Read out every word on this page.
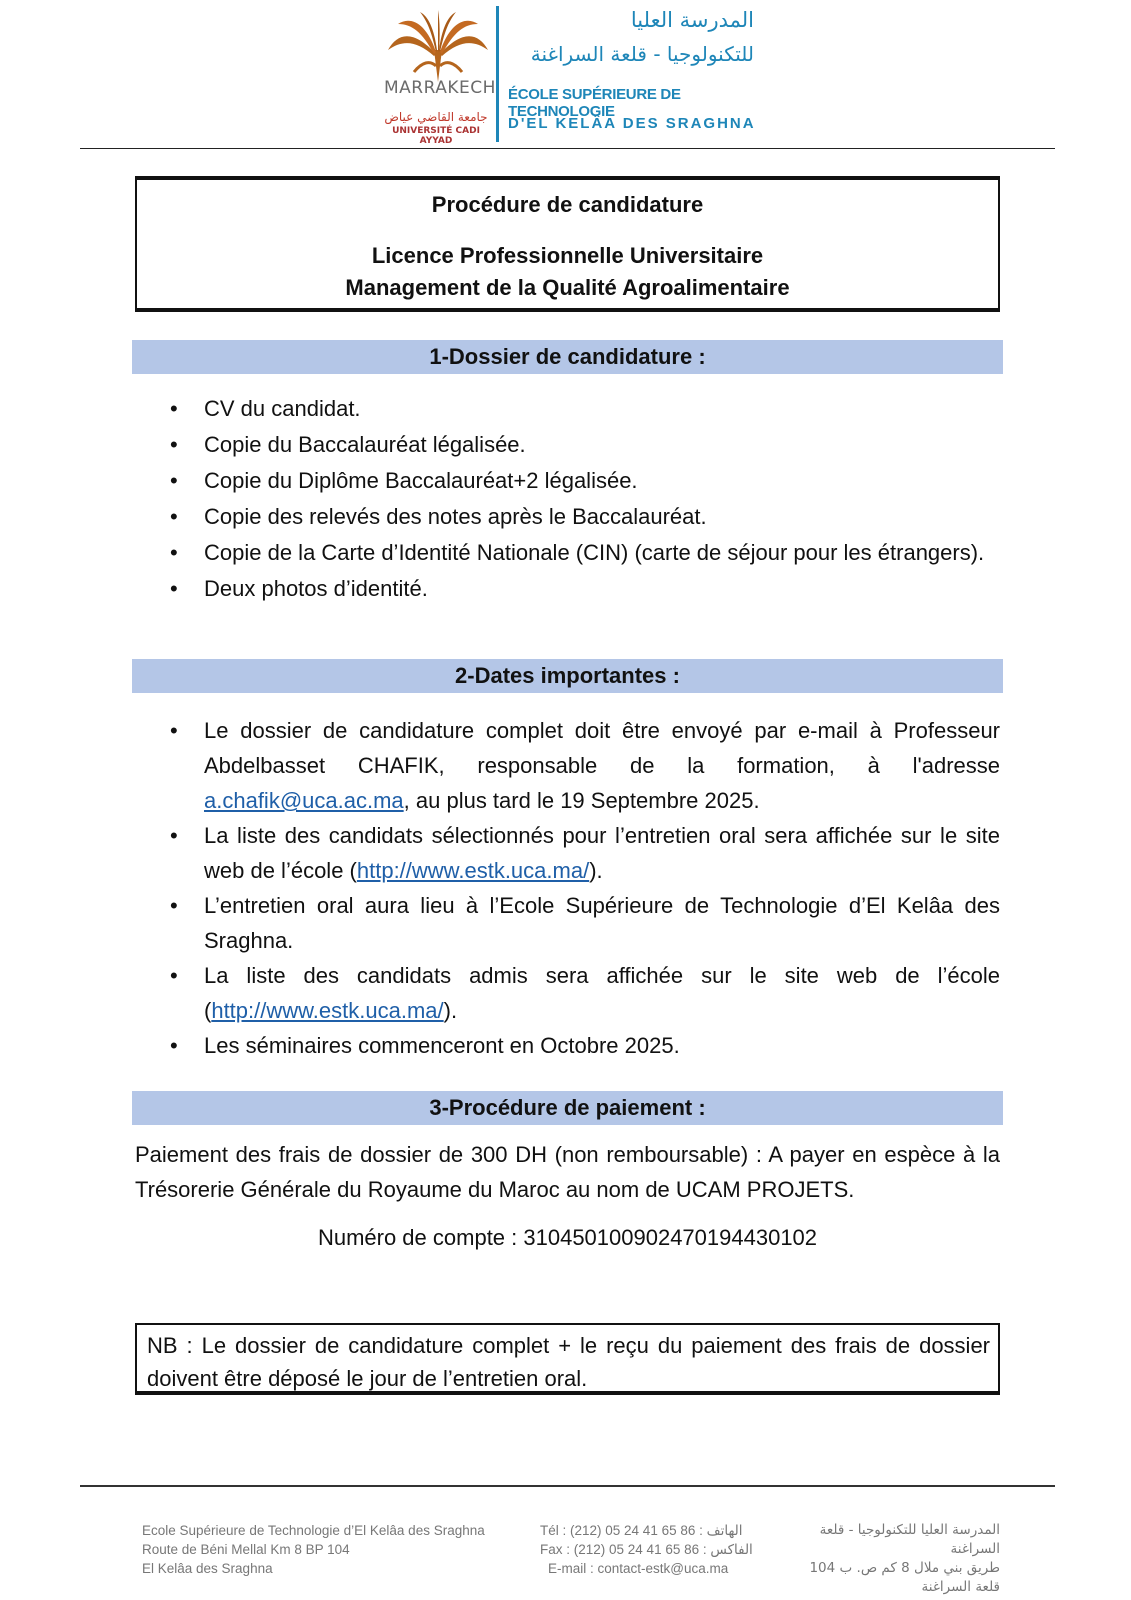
MARRAKECH
جامعة القاضي عياض
UNIVERSITÉ CADI AYYAD
المدرسة العليا
للتكنولوجيا - قلعة السراغنة
ÉCOLE SUPÉRIEURE DE TECHNOLOGIE
D'EL KELÂA DES SRAGHNA
Procédure de candidature
Licence Professionnelle Universitaire
Management de la Qualité Agroalimentaire
1-Dossier de candidature :
• CV du candidat.
• Copie du Baccalauréat légalisée.
• Copie du Diplôme Baccalauréat+2 légalisée.
• Copie des relevés des notes après le Baccalauréat.
• Copie de la Carte d’Identité Nationale (CIN) (carte de séjour pour les étrangers).
• Deux photos d’identité.
2-Dates importantes :
• Le dossier de candidature complet doit être envoyé par e-mail à Professeur Abdelbasset CHAFIK, responsable de la formation, à l'adresse a.chafik@uca.ac.ma, au plus tard le 19 Septembre 2025.
• La liste des candidats sélectionnés pour l’entretien oral sera affichée sur le site web de l’école (http://www.estk.uca.ma/).
• L’entretien oral aura lieu à l’Ecole Supérieure de Technologie d’El Kelâa des Sraghna.
• La liste des candidats admis sera affichée sur le site web de l’école (http://www.estk.uca.ma/).
• Les séminaires commenceront en Octobre 2025.
3-Procédure de paiement :
Paiement des frais de dossier de 300 DH (non remboursable) : A payer en espèce à la Trésorerie Générale du Royaume du Maroc au nom de UCAM PROJETS.
Numéro de compte : 310450100902470194430102
NB : Le dossier de candidature complet + le reçu du paiement des frais de dossier doivent être déposé le jour de l’entretien oral.
Ecole Supérieure de Technologie d’El Kelâa des Sraghna
Route de Béni Mellal Km 8 BP 104
El Kelâa des Sraghna
Tél : (212) 05 24 41 65 86 : الهاتف
Fax : (212) 05 24 41 65 86 : الفاكس
E-mail : contact-estk@uca.ma
المدرسة العليا للتكنولوجيا - قلعة السراغنة
طريق بني ملال 8 كم ص. ب 104
قلعة السراغنة
